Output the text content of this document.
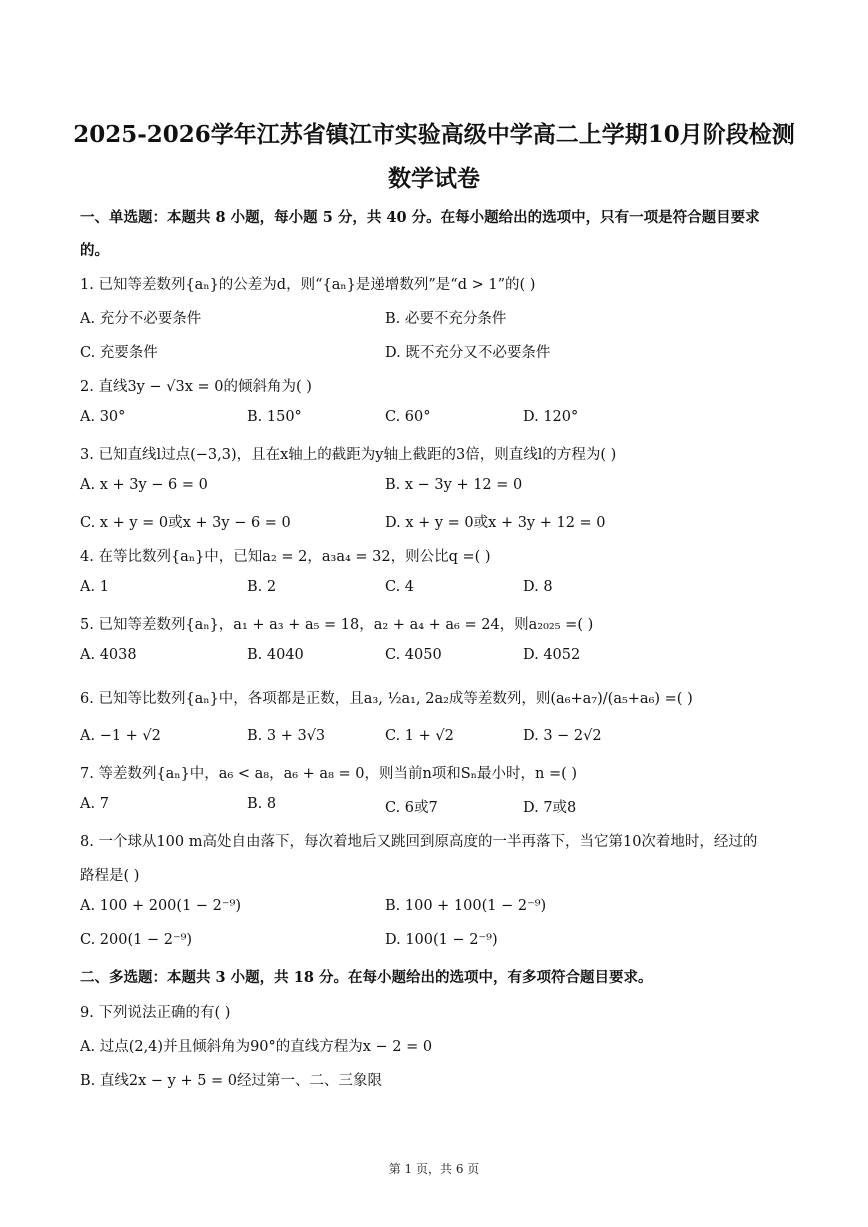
2025-2026学年江苏省镇江市实验高级中学高二上学期10月阶段检测
数学试卷
一、单选题：本题共 8 小题，每小题 5 分，共 40 分。在每小题给出的选项中，只有一项是符合题目要求
的。
1. 已知等差数列{aₙ}的公差为d，则“{aₙ}是递增数列”是“d > 1”的( )
A. 充分不必要条件	B. 必要不充分条件
C. 充要条件	D. 既不充分又不必要条件
2. 直线3y − √3x = 0的倾斜角为( )
A. 30°	B. 150°	C. 60°	D. 120°
3. 已知直线l过点(−3,3)，且在x轴上的截距为y轴上截距的3倍，则直线l的方程为( )
A. x + 3y − 6 = 0	B. x − 3y + 12 = 0
C. x + y = 0或x + 3y − 6 = 0	D. x + y = 0或x + 3y + 12 = 0
4. 在等比数列{aₙ}中，已知a₂ = 2，a₃a₄ = 32，则公比q =( )
A. 1	B. 2	C. 4	D. 8
5. 已知等差数列{aₙ}，a₁ + a₃ + a₅ = 18，a₂ + a₄ + a₆ = 24，则a₂₀₂₅ =( )
A. 4038	B. 4040	C. 4050	D. 4052
6. 已知等比数列{aₙ}中，各项都是正数，且a₃, ½a₁, 2a₂成等差数列，则(a₆+a₇)/(a₅+a₆) =( )
A. −1 + √2	B. 3 + 3√3	C. 1 + √2	D. 3 − 2√2
7. 等差数列{aₙ}中，a₆ < a₈，a₆ + a₈ = 0，则当前n项和Sₙ最小时，n =( )
A. 7	B. 8	C. 6或7	D. 7或8
8. 一个球从100 m高处自由落下，每次着地后又跳回到原高度的一半再落下，当它第10次着地时，经过的
路程是( )
A. 100 + 200(1 − 2⁻⁹)	B. 100 + 100(1 − 2⁻⁹)
C. 200(1 − 2⁻⁹)	D. 100(1 − 2⁻⁹)
二、多选题：本题共 3 小题，共 18 分。在每小题给出的选项中，有多项符合题目要求。
9. 下列说法正确的有( )
A. 过点(2,4)并且倾斜角为90°的直线方程为x − 2 = 0
B. 直线2x − y + 5 = 0经过第一、二、三象限
第 1 页，共 6 页
